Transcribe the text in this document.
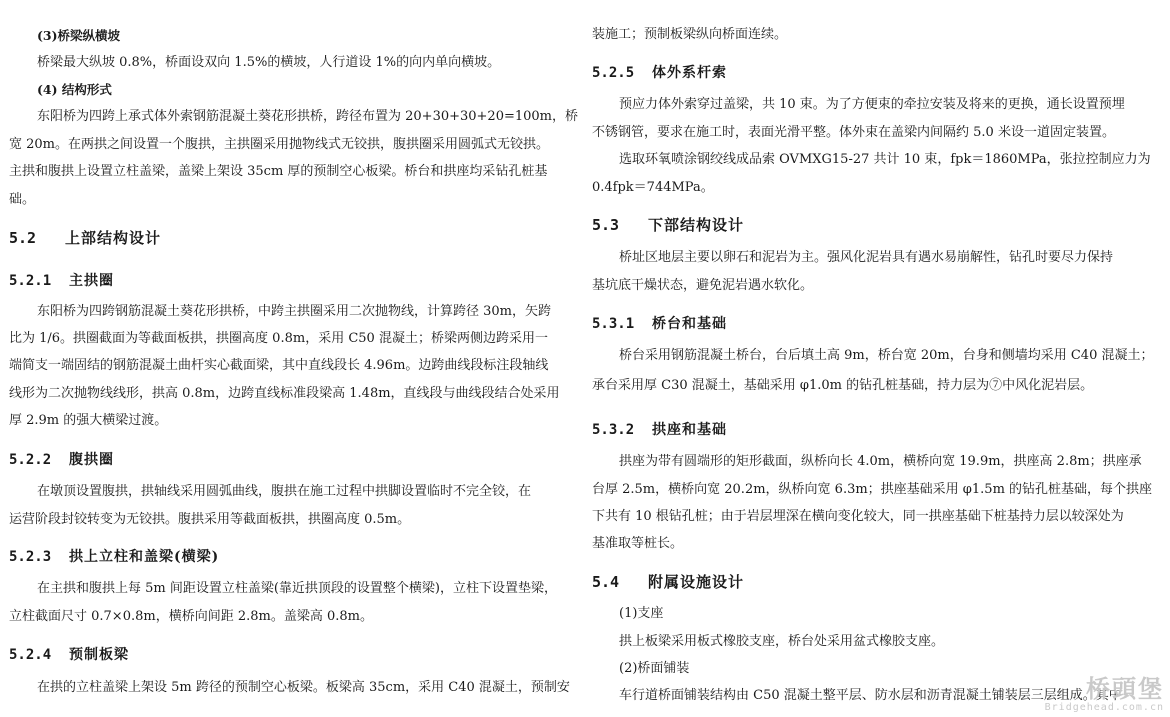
(3)桥梁纵横坡
桥梁最大纵坡 0.8%，桥面设双向 1.5%的横坡，人行道设 1%的向内单向横坡。
(4) 结构形式
东阳桥为四跨上承式体外索钢筋混凝土葵花形拱桥，跨径布置为 20+30+30+20=100m，桥
宽 20m。在两拱之间设置一个腹拱，主拱圈采用抛物线式无铰拱，腹拱圈采用圆弧式无铰拱。
主拱和腹拱上设置立柱盖梁，盖梁上架设 35cm 厚的预制空心板梁。桥台和拱座均采钻孔桩基
础。
5.2 上部结构设计
5.2.1 主拱圈
东阳桥为四跨钢筋混凝土葵花形拱桥，中跨主拱圈采用二次抛物线，计算跨径 30m，矢跨
比为 1/6。拱圈截面为等截面板拱，拱圈高度 0.8m，采用 C50 混凝土；桥梁两侧边跨采用一
端简支一端固结的钢筋混凝土曲杆实心截面梁，其中直线段长 4.96m。边跨曲线段标注段轴线
线形为二次抛物线线形，拱高 0.8m，边跨直线标准段梁高 1.48m，直线段与曲线段结合处采用
厚 2.9m 的强大横梁过渡。
5.2.2 腹拱圈
在墩顶设置腹拱，拱轴线采用圆弧曲线，腹拱在施工过程中拱脚设置临时不完全铰，在
运营阶段封铰转变为无铰拱。腹拱采用等截面板拱，拱圈高度 0.5m。
5.2.3 拱上立柱和盖梁(横梁)
在主拱和腹拱上每 5m 间距设置立柱盖梁(靠近拱顶段的设置整个横梁)，立柱下设置垫梁，
立柱截面尺寸 0.7×0.8m，横桥向间距 2.8m。盖梁高 0.8m。
5.2.4 预制板梁
在拱的立柱盖梁上架设 5m 跨径的预制空心板梁。板梁高 35cm，采用 C40 混凝土，预制安
装施工；预制板梁纵向桥面连续。
5.2.5 体外系杆索
预应力体外索穿过盖梁，共 10 束。为了方便束的牵拉安装及将来的更换，通长设置预埋
不锈钢管，要求在施工时，表面光滑平整。体外束在盖梁内间隔约 5.0 米设一道固定装置。
选取环氧喷涂钢绞线成品索 OVMXG15-27 共计 10 束，fpk＝1860MPa，张拉控制应力为
0.4fpk＝744MPa。
5.3 下部结构设计
桥址区地层主要以卵石和泥岩为主。强风化泥岩具有遇水易崩解性，钻孔时要尽力保持
基坑底干燥状态，避免泥岩遇水软化。
5.3.1 桥台和基础
桥台采用钢筋混凝土桥台，台后填土高 9m，桥台宽 20m，台身和侧墙均采用 C40 混凝土；
承台采用厚 C30 混凝土，基础采用 φ1.0m 的钻孔桩基础，持力层为⑦中风化泥岩层。
5.3.2 拱座和基础
拱座为带有圆端形的矩形截面，纵桥向长 4.0m，横桥向宽 19.9m，拱座高 2.8m；拱座承
台厚 2.5m，横桥向宽 20.2m，纵桥向宽 6.3m；拱座基础采用 φ1.5m 的钻孔桩基础，每个拱座
下共有 10 根钻孔桩；由于岩层埋深在横向变化较大，同一拱座基础下桩基持力层以较深处为
基准取等桩长。
5.4 附属设施设计
(1)支座
拱上板梁采用板式橡胶支座，桥台处采用盆式橡胶支座。
(2)桥面铺装
车行道桥面铺装结构由 C50 混凝土整平层、防水层和沥青混凝土铺装层三层组成。其中
桥頭堡
Bridgehead.com.cn
